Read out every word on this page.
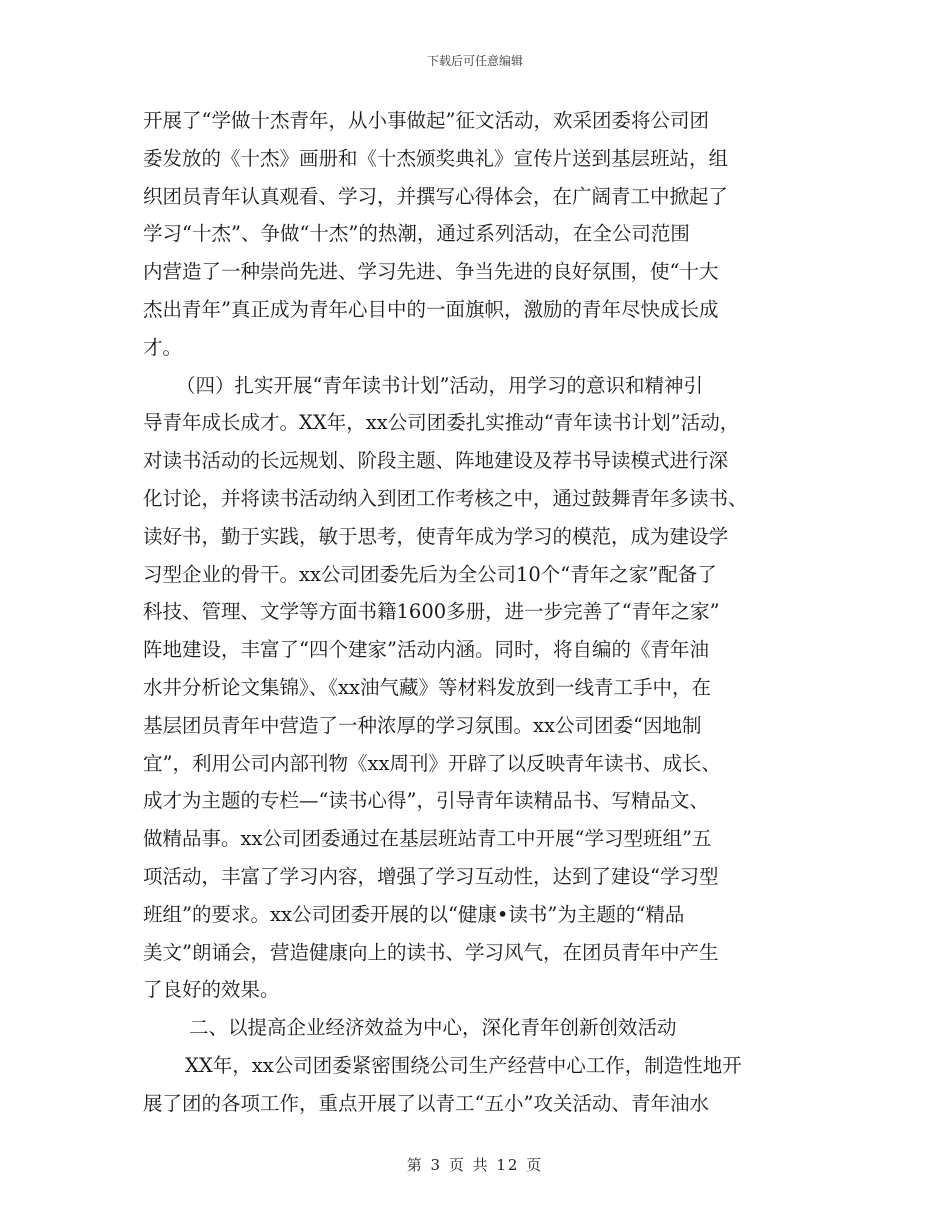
下载后可任意编辑
开展了“学做十杰青年，从小事做起”征文活动，欢采团委将公司团
委发放的《十杰》画册和《十杰颁奖典礼》宣传片送到基层班站，组
织团员青年认真观看、学习，并撰写心得体会，在广阔青工中掀起了
学习“十杰”、争做“十杰”的热潮，通过系列活动，在全公司范围
内营造了一种崇尚先进、学习先进、争当先进的良好氛围，使“十大
杰出青年”真正成为青年心目中的一面旗帜，激励的青年尽快成长成
才。
（四）扎实开展“青年读书计划”活动，用学习的意识和精神引
导青年成长成才。XX年，xx公司团委扎实推动“青年读书计划”活动，
对读书活动的长远规划、阶段主题、阵地建设及荐书导读模式进行深
化讨论，并将读书活动纳入到团工作考核之中，通过鼓舞青年多读书、
读好书，勤于实践，敏于思考，使青年成为学习的模范，成为建设学
习型企业的骨干。xx公司团委先后为全公司10个“青年之家”配备了
科技、管理、文学等方面书籍1600多册，进一步完善了“青年之家”
阵地建设，丰富了“四个建家”活动内涵。同时，将自编的《青年油
水井分析论文集锦》、《xx油气藏》等材料发放到一线青工手中，在
基层团员青年中营造了一种浓厚的学习氛围。xx公司团委“因地制
宜”，利用公司内部刊物《xx周刊》开辟了以反映青年读书、成长、
成才为主题的专栏—“读书心得”，引导青年读精品书、写精品文、
做精品事。xx公司团委通过在基层班站青工中开展“学习型班组”五
项活动，丰富了学习内容，增强了学习互动性，达到了建设“学习型
班组”的要求。xx公司团委开展的以“健康•读书”为主题的“精品
美文”朗诵会，营造健康向上的读书、学习风气，在团员青年中产生
了良好的效果。
二、以提高企业经济效益为中心，深化青年创新创效活动
XX年，xx公司团委紧密围绕公司生产经营中心工作，制造性地开
展了团的各项工作，重点开展了以青工“五小”攻关活动、青年油水
第 3 页 共 12 页
